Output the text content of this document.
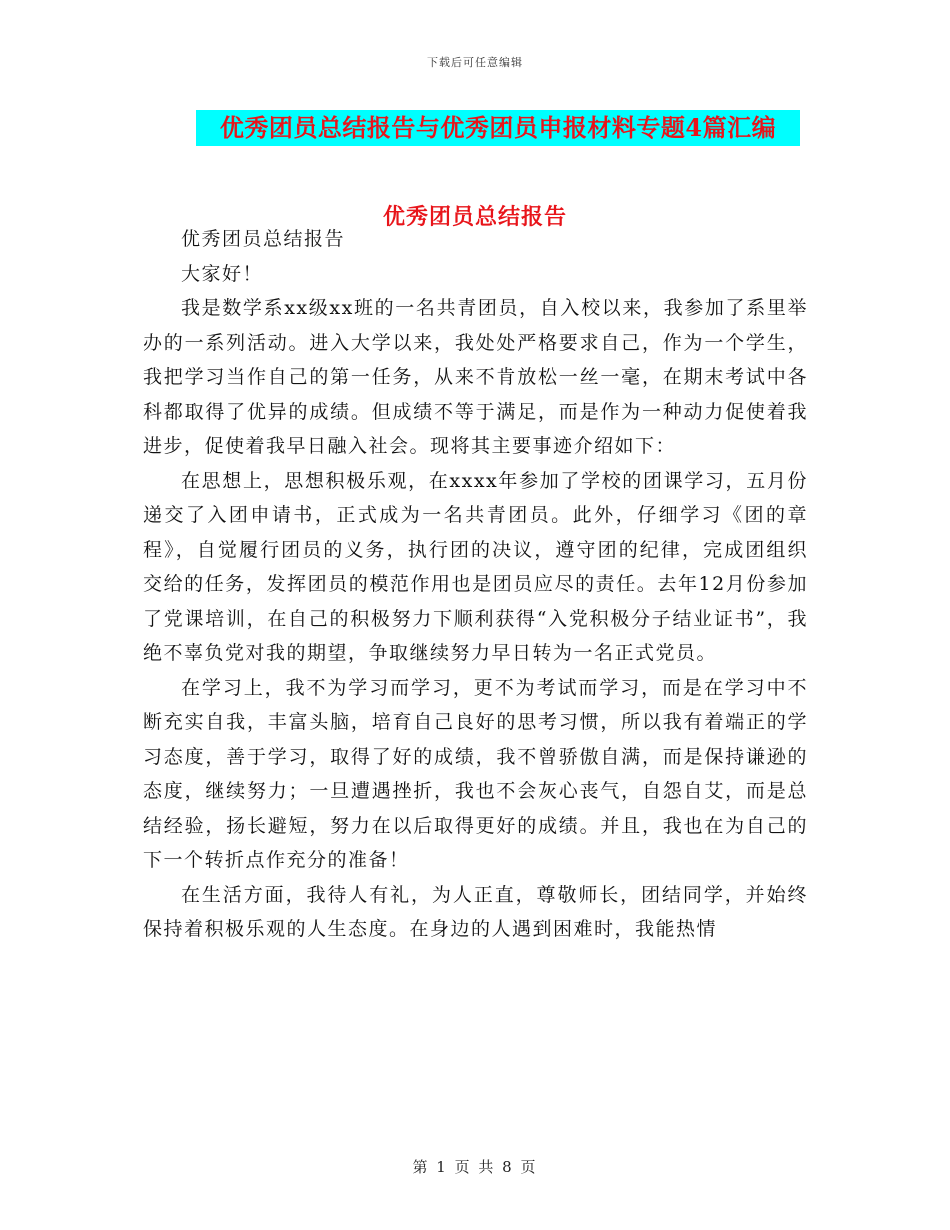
下载后可任意编辑
优秀团员总结报告与优秀团员申报材料专题4篇汇编
优秀团员总结报告

优秀团员总结报告

大家好！

我是数学系xx级xx班的一名共青团员，自入校以来，我参加了系里举办的一系列活动。进入大学以来，我处处严格要求自己，作为一个学生，我把学习当作自己的第一任务，从来不肯放松一丝一毫，在期末考试中各科都取得了优异的成绩。但成绩不等于满足，而是作为一种动力促使着我进步，促使着我早日融入社会。现将其主要事迹介绍如下：

在思想上，思想积极乐观，在xxxx年参加了学校的团课学习，五月份递交了入团申请书，正式成为一名共青团员。此外，仔细学习《团的章程》，自觉履行团员的义务，执行团的决议，遵守团的纪律，完成团组织交给的任务，发挥团员的模范作用也是团员应尽的责任。去年12月份参加了党课培训，在自己的积极努力下顺利获得“入党积极分子结业证书”，我绝不辜负党对我的期望，争取继续努力早日转为一名正式党员。

在学习上，我不为学习而学习，更不为考试而学习，而是在学习中不断充实自我，丰富头脑，培育自己良好的思考习惯，所以我有着端正的学习态度，善于学习，取得了好的成绩，我不曾骄傲自满，而是保持谦逊的态度，继续努力；一旦遭遇挫折，我也不会灰心丧气，自怨自艾，而是总结经验，扬长避短，努力在以后取得更好的成绩。并且，我也在为自己的下一个转折点作充分的准备！

在生活方面，我待人有礼，为人正直，尊敬师长，团结同学，并始终保持着积极乐观的人生态度。在身边的人遇到困难时，我能热情

第 1 页 共 8 页
